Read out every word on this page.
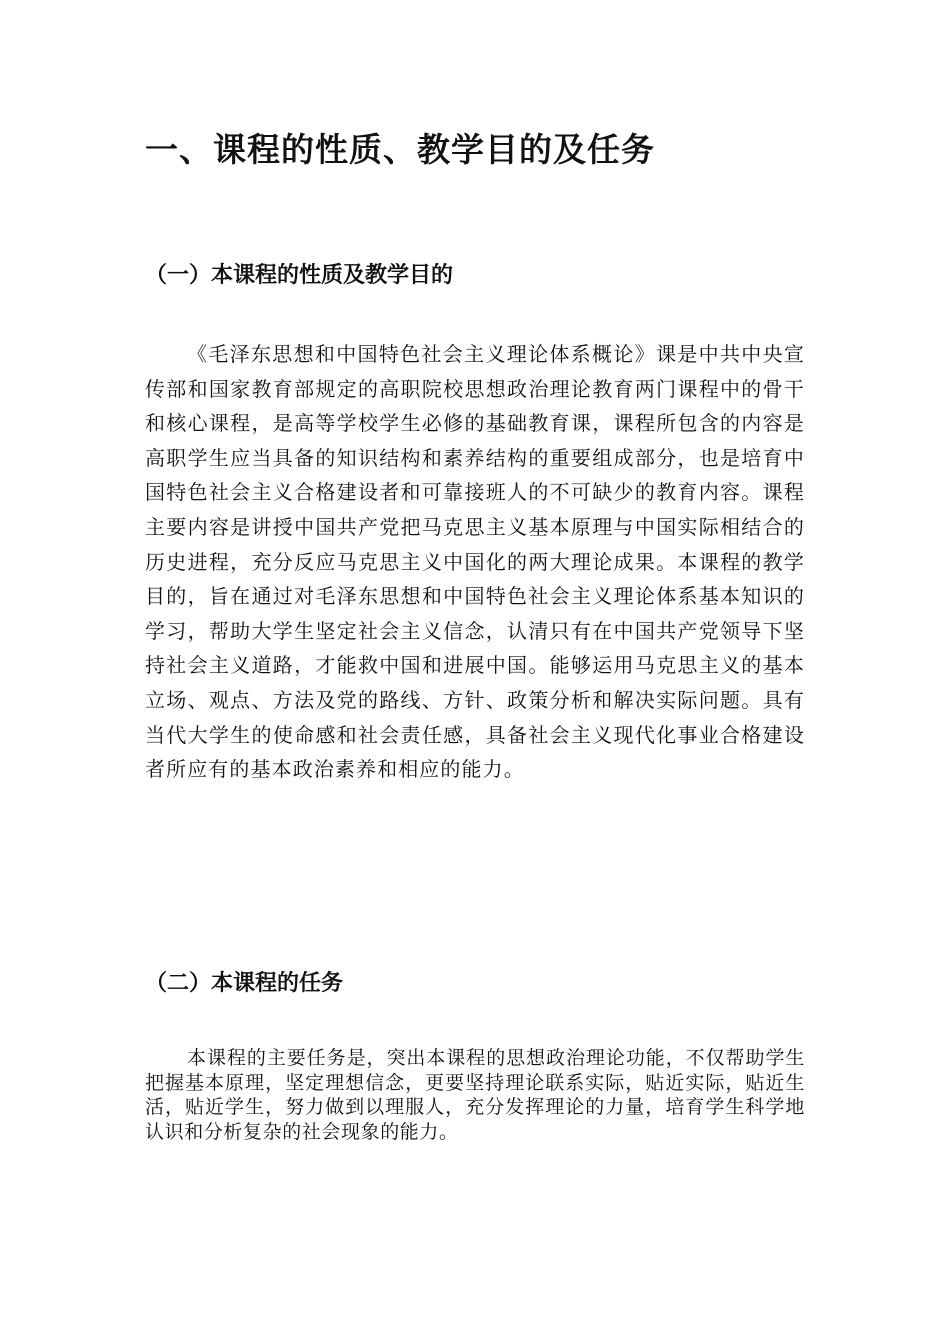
一、课程的性质、教学目的及任务
（一）本课程的性质及教学目的

《毛泽东思想和中国特色社会主义理论体系概论》课是中共中央宣传部和国家教育部规定的高职院校思想政治理论教育两门课程中的骨干和核心课程，是高等学校学生必修的基础教育课，课程所包含的内容是高职学生应当具备的知识结构和素养结构的重要组成部分，也是培育中国特色社会主义合格建设者和可靠接班人的不可缺少的教育内容。课程主要内容是讲授中国共产党把马克思主义基本原理与中国实际相结合的历史进程，充分反应马克思主义中国化的两大理论成果。本课程的教学目的，旨在通过对毛泽东思想和中国特色社会主义理论体系基本知识的学习，帮助大学生坚定社会主义信念，认清只有在中国共产党领导下坚持社会主义道路，才能救中国和进展中国。能够运用马克思主义的基本立场、观点、方法及党的路线、方针、政策分析和解决实际问题。具有当代大学生的使命感和社会责任感，具备社会主义现代化事业合格建设者所应有的基本政治素养和相应的能力。

（二）本课程的任务

本课程的主要任务是，突出本课程的思想政治理论功能，不仅帮助学生把握基本原理，坚定理想信念，更要坚持理论联系实际，贴近实际，贴近生活，贴近学生，努力做到以理服人，充分发挥理论的力量，培育学生科学地认识和分析复杂的社会现象的能力。
